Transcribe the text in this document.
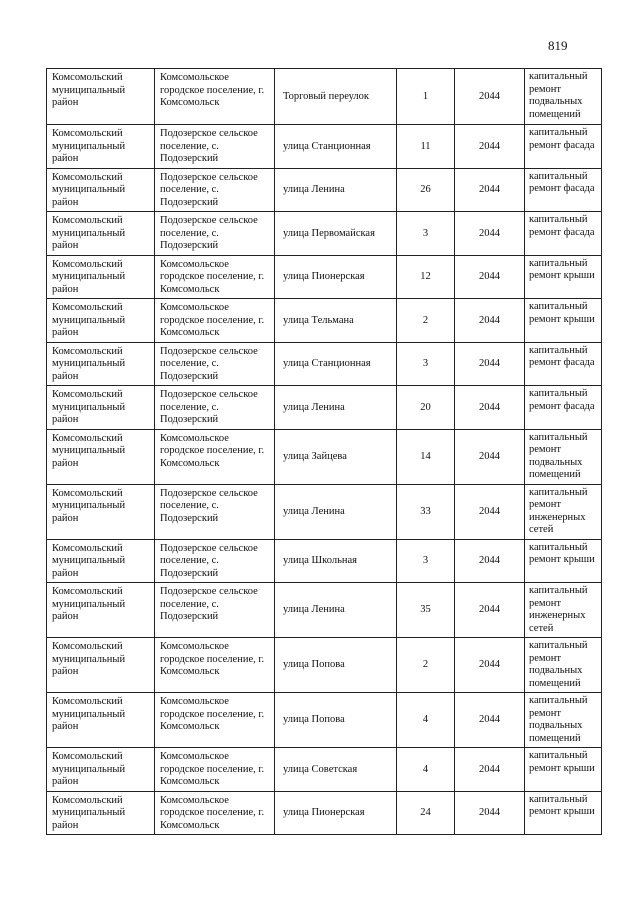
819
Комсомольский муниципальный район	Комсомольское городское поселение, г. Комсомольск	Торговый переулок	1	2044	капитальный ремонт подвальных помещений
Комсомольский муниципальный район	Подозерское сельское поселение, с. Подозерский	улица Станционная	11	2044	капитальный ремонт фасада
Комсомольский муниципальный район	Подозерское сельское поселение, с. Подозерский	улица Ленина	26	2044	капитальный ремонт фасада
Комсомольский муниципальный район	Подозерское сельское поселение, с. Подозерский	улица Первомайская	3	2044	капитальный ремонт фасада
Комсомольский муниципальный район	Комсомольское городское поселение, г. Комсомольск	улица Пионерская	12	2044	капитальный ремонт крыши
Комсомольский муниципальный район	Комсомольское городское поселение, г. Комсомольск	улица Тельмана	2	2044	капитальный ремонт крыши
Комсомольский муниципальный район	Подозерское сельское поселение, с. Подозерский	улица Станционная	3	2044	капитальный ремонт фасада
Комсомольский муниципальный район	Подозерское сельское поселение, с. Подозерский	улица Ленина	20	2044	капитальный ремонт фасада
Комсомольский муниципальный район	Комсомольское городское поселение, г. Комсомольск	улица Зайцева	14	2044	капитальный ремонт подвальных помещений
Комсомольский муниципальный район	Подозерское сельское поселение, с. Подозерский	улица Ленина	33	2044	капитальный ремонт инженерных сетей
Комсомольский муниципальный район	Подозерское сельское поселение, с. Подозерский	улица Школьная	3	2044	капитальный ремонт крыши
Комсомольский муниципальный район	Подозерское сельское поселение, с. Подозерский	улица Ленина	35	2044	капитальный ремонт инженерных сетей
Комсомольский муниципальный район	Комсомольское городское поселение, г. Комсомольск	улица Попова	2	2044	капитальный ремонт подвальных помещений
Комсомольский муниципальный район	Комсомольское городское поселение, г. Комсомольск	улица Попова	4	2044	капитальный ремонт подвальных помещений
Комсомольский муниципальный район	Комсомольское городское поселение, г. Комсомольск	улица Советская	4	2044	капитальный ремонт крыши
Комсомольский муниципальный район	Комсомольское городское поселение, г. Комсомольск	улица Пионерская	24	2044	капитальный ремонт крыши
